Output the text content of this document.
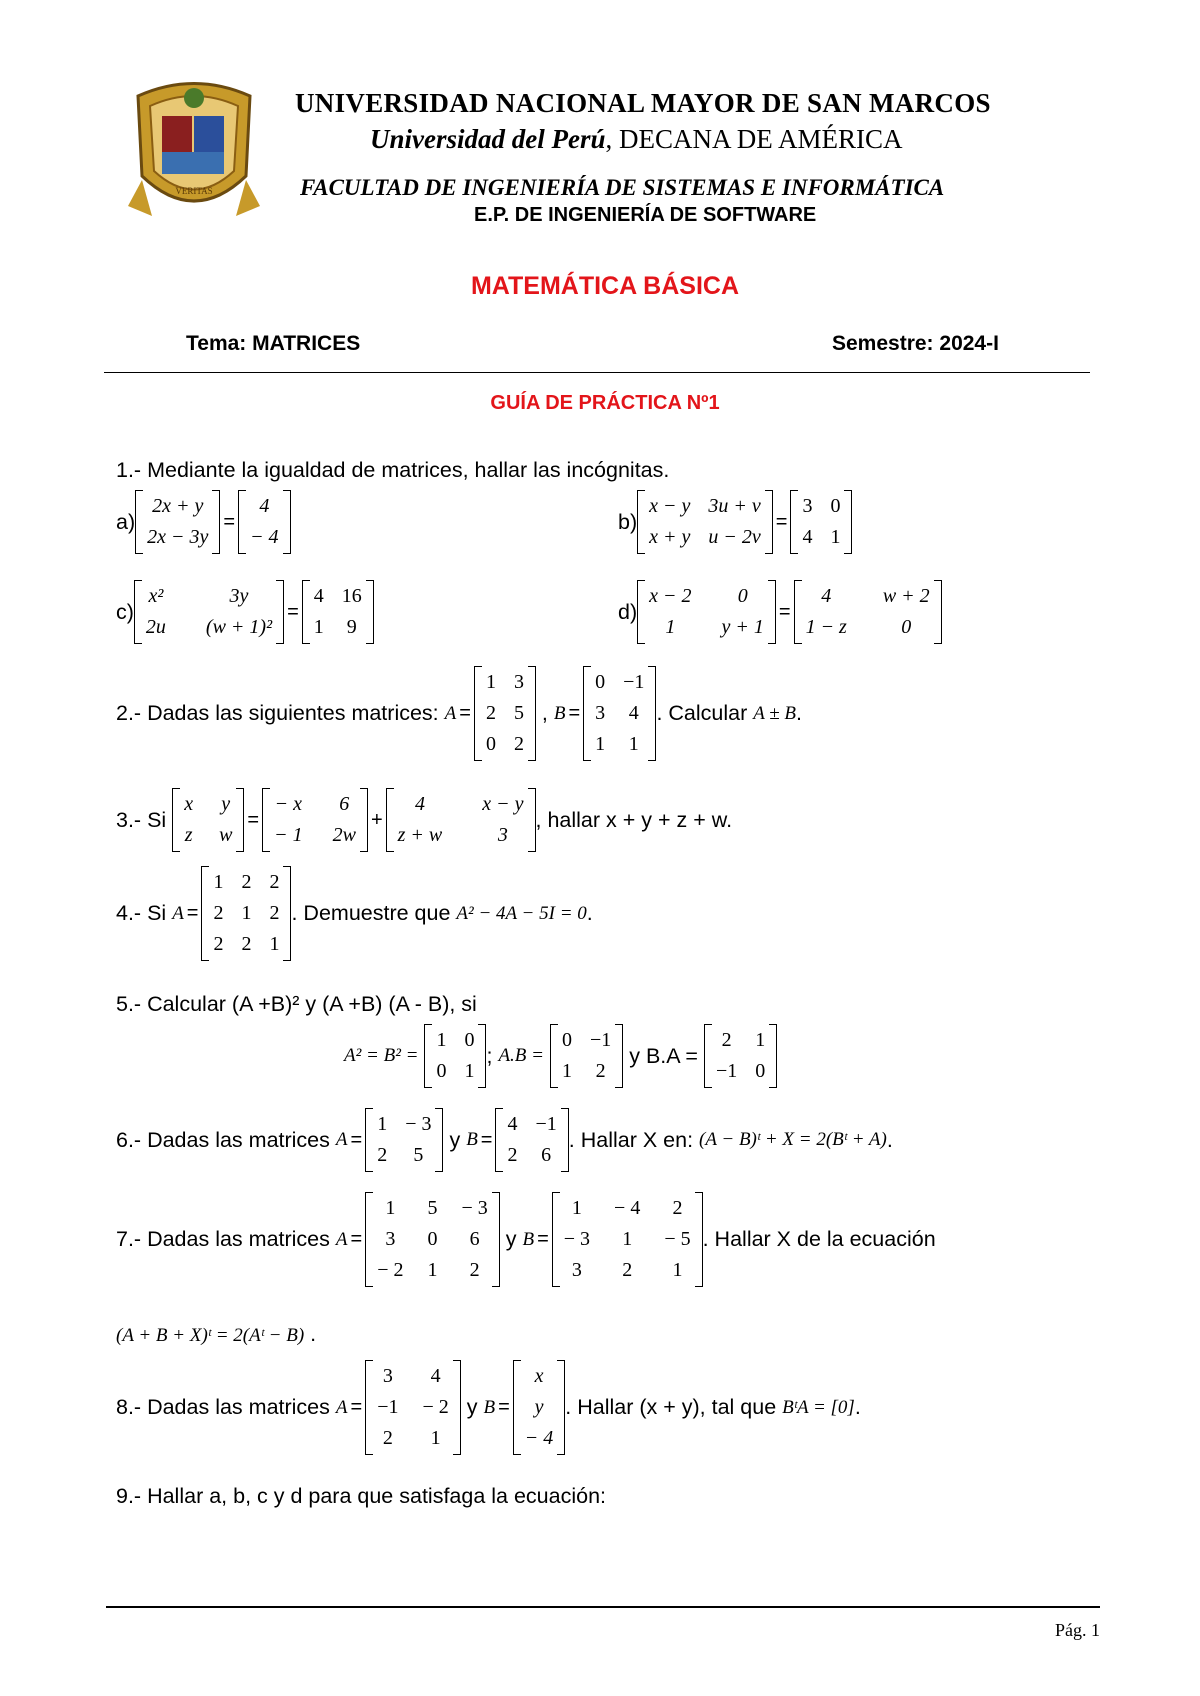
VERITAS
UNIVERSIDAD NACIONAL MAYOR DE SAN MARCOS
Universidad del Perú, DECANA DE AMÉRICA
FACULTAD DE INGENIERÍA DE SISTEMAS E INFORMÁTICA
E.P. DE INGENIERÍA DE SOFTWARE
MATEMÁTICA BÁSICA
Tema: MATRICES	Semestre: 2024-I
GUÍA DE PRÁCTICA Nº1
1.- Mediante la igualdad de matrices, hallar las incógnitas.
a)
2x + y
2x − 3y
=
4
− 4
b)
x − y 3u + v
x + y u − 2v
=
3 0
4 1
c)
x²	3y
2u (w + 1)²
=
4 16
1 9
d)
x − 2	0
1	y + 1
=
4	w + 2
1 − z	0
2.-
Dadas las siguientes matrices:
A =
1 3
2 5
0 2
, B =
0 −1
3 4
1 1
. Calcular
A ± B .
3.-
Si

x y
z w
=
− x	6
− 1 2w
+
4	x − y
z + w	3
, hallar x + y + z + w.
4.-
Si
A =
1 2 2
2 1 2
2 2 1
. Demuestre que
A² − 4A − 5I = 0 .
5.- Calcular (A +B)² y (A +B) (A - B), si
A² = B² =

1 0
0 1
; A.B =

0 −1
1 2

y B.A =

2 1
−1 0
6.-
Dadas las matrices
A =
1 − 3
2	5

y
B =
4 −1
2 6
. Hallar X en:
(A − B)ᵗ + X = 2(Bᵗ + A) .
7.-
Dadas las matrices
A =
1	5 − 3
3	0	6
− 2 1	2

y
B =
1	− 4	2
− 3	1	− 5
3	2	1
. Hallar X de la ecuación
(A + B + X)ᵗ = 2(Aᵗ − B) .
8.-
Dadas las matrices
A =
3	4
−1 − 2
2	1

y
B =
x
y
− 4
. Hallar (x + y), tal que
BᵗA = [0] .
9.- Hallar a, b, c y d para que satisfaga la ecuación:
Pág. 1
